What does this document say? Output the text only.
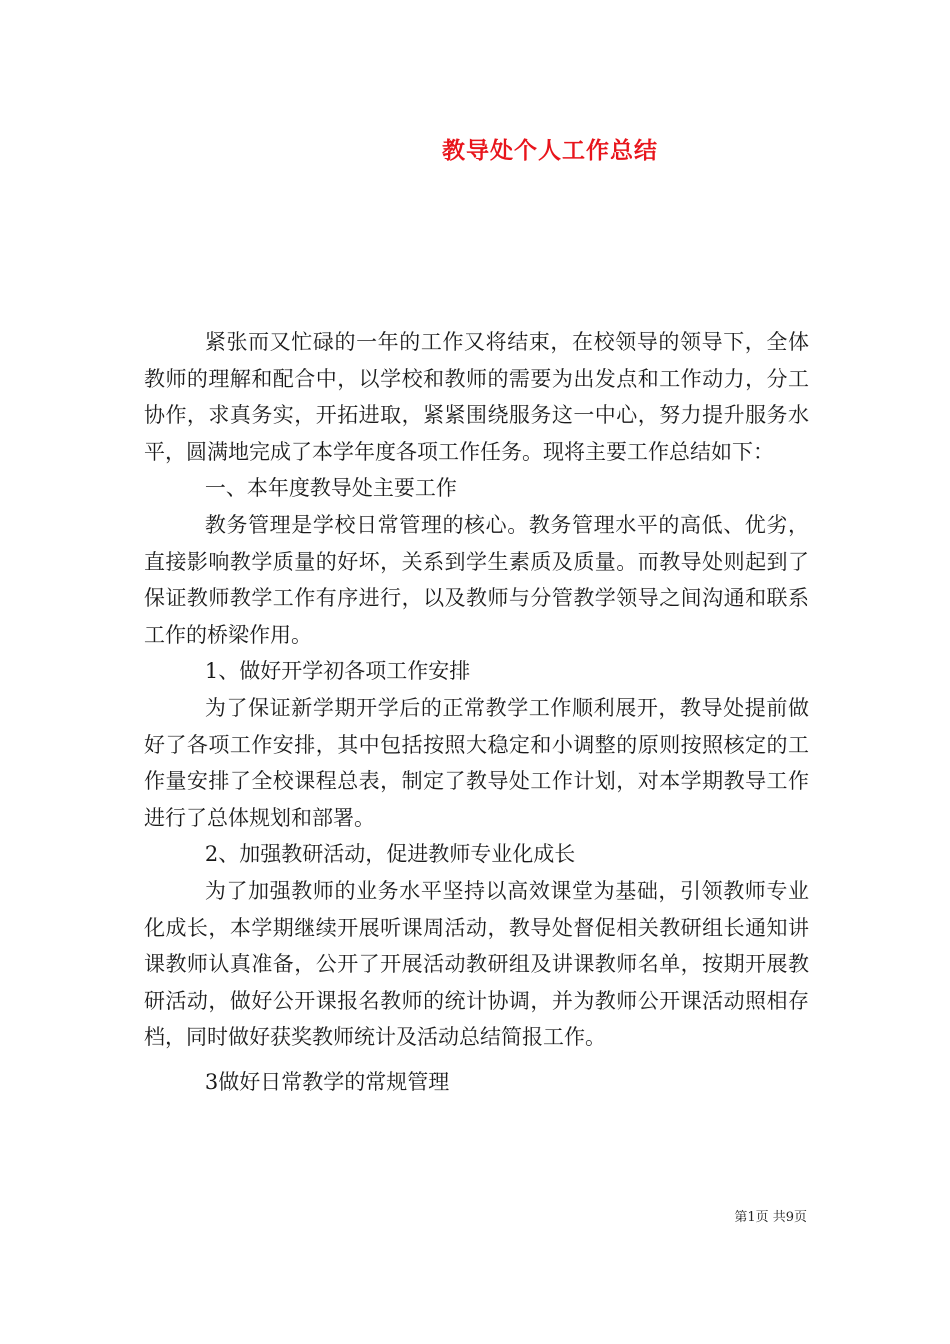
教导处个人工作总结

紧张而又忙碌的一年的工作又将结束，在校领导的领导下，全体教师的理解和配合中，以学校和教师的需要为出发点和工作动力，分工协作，求真务实，开拓进取，紧紧围绕服务这一中心，努力提升服务水平，圆满地完成了本学年度各项工作任务。现将主要工作总结如下：

一、本年度教导处主要工作

教务管理是学校日常管理的核心。教务管理水平的高低、优劣，直接影响教学质量的好坏，关系到学生素质及质量。而教导处则起到了保证教师教学工作有序进行，以及教师与分管教学领导之间沟通和联系工作的桥梁作用。

1、做好开学初各项工作安排

为了保证新学期开学后的正常教学工作顺利展开，教导处提前做好了各项工作安排，其中包括按照大稳定和小调整的原则按照核定的工作量安排了全校课程总表，制定了教导处工作计划，对本学期教导工作进行了总体规划和部署。

2、加强教研活动，促进教师专业化成长

为了加强教师的业务水平坚持以高效课堂为基础，引领教师专业化成长，本学期继续开展听课周活动，教导处督促相关教研组长通知讲课教师认真准备，公开了开展活动教研组及讲课教师名单，按期开展教研活动，做好公开课报名教师的统计协调，并为教师公开课活动照相存档，同时做好获奖教师统计及活动总结简报工作。

3做好日常教学的常规管理

第1页 共9页
